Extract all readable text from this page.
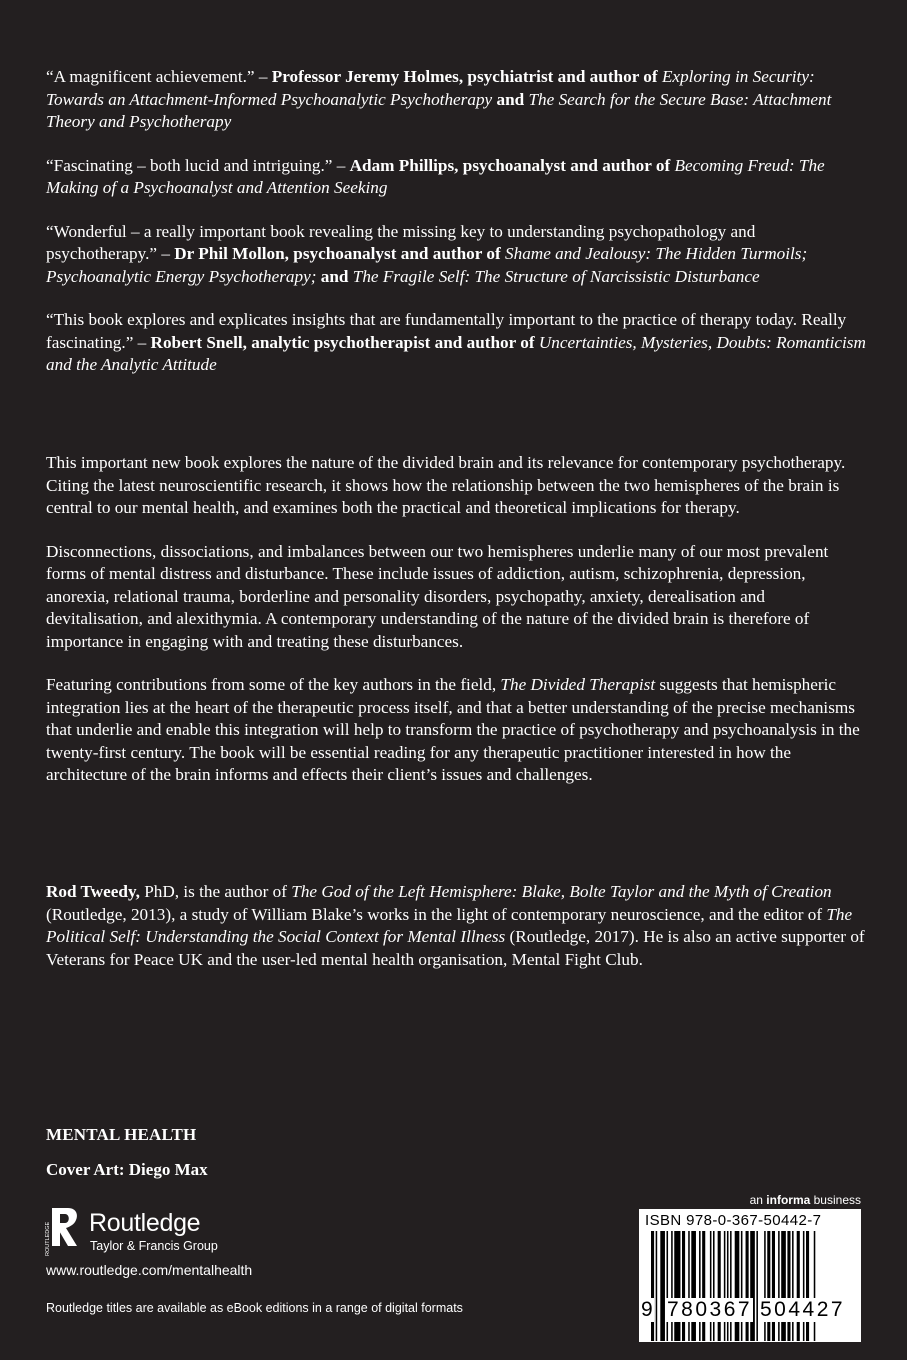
“A magnificent achievement.” – Professor Jeremy Holmes, psychiatrist and author of Exploring in Security: Towards an Attachment-Informed Psychoanalytic Psychotherapy and The Search for the Secure Base: Attachment Theory and Psychotherapy

“Fascinating – both lucid and intriguing.” – Adam Phillips, psychoanalyst and author of Becoming Freud: The Making of a Psychoanalyst and Attention Seeking

“Wonderful – a really important book revealing the missing key to understanding psychopathology and psychotherapy.” – Dr Phil Mollon, psychoanalyst and author of Shame and Jealousy: The Hidden Turmoils; Psychoanalytic Energy Psychotherapy; and The Fragile Self: The Structure of Narcissistic Disturbance

“This book explores and explicates insights that are fundamentally important to the practice of therapy today. Really fascinating.” – Robert Snell, analytic psychotherapist and author of Uncertainties, Mysteries, Doubts: Romanticism and the Analytic Attitude

This important new book explores the nature of the divided brain and its relevance for contemporary psychotherapy. Citing the latest neuroscientific research, it shows how the relationship between the two hemispheres of the brain is central to our mental health, and examines both the practical and theoretical implications for therapy.

Disconnections, dissociations, and imbalances between our two hemispheres underlie many of our most prevalent forms of mental distress and disturbance. These include issues of addiction, autism, schizophrenia, depression, anorexia, relational trauma, borderline and personality disorders, psychopathy, anxiety, derealisation and devitalisation, and alexithymia. A contemporary understanding of the nature of the divided brain is therefore of importance in engaging with and treating these disturbances.

Featuring contributions from some of the key authors in the field, The Divided Therapist suggests that hemispheric integration lies at the heart of the therapeutic process itself, and that a better understanding of the precise mechanisms that underlie and enable this integration will help to transform the practice of psychotherapy and psychoanalysis in the twenty-first century. The book will be essential reading for any therapeutic practitioner interested in how the architecture of the brain informs and effects their client’s issues and challenges.

Rod Tweedy, PhD, is the author of The God of the Left Hemisphere: Blake, Bolte Taylor and the Myth of Creation (Routledge, 2013), a study of William Blake’s works in the light of contemporary neuroscience, and the editor of The Political Self: Understanding the Social Context for Mental Illness (Routledge, 2017). He is also an active supporter of Veterans for Peace UK and the user-led mental health organisation, Mental Fight Club.

MENTAL HEALTH
Cover Art: Diego Max
ROUTLEDGE Routledge
Taylor & Francis Group
www.routledge.com/mentalhealth
Routledge titles are available as eBook editions in a range of digital formats
an informa business
ISBN 978-0-367-50442-7
9 780367 504427
